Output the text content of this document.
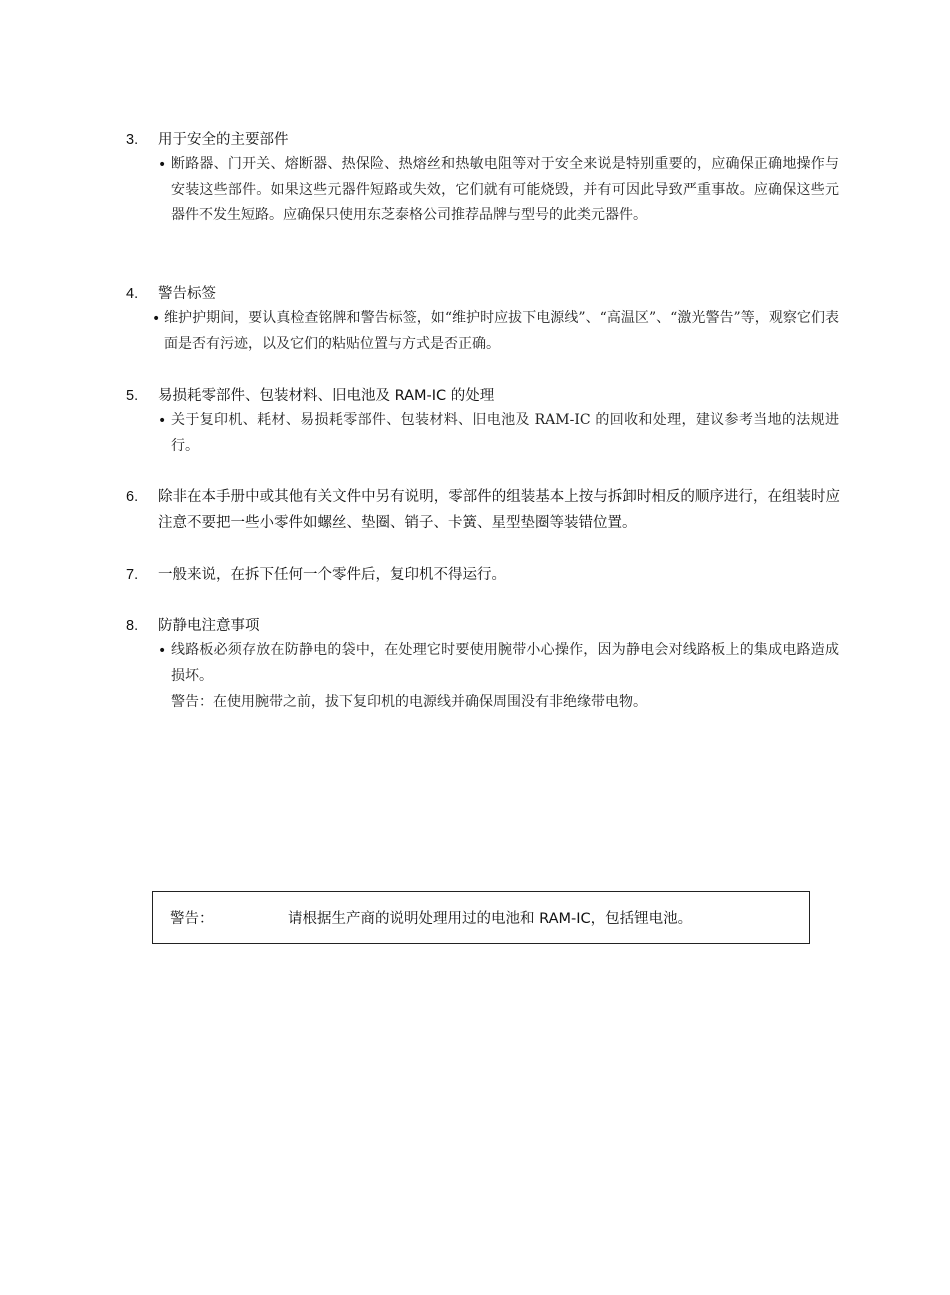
3. 用于安全的主要部件
• 断路器、门开关、熔断器、热保险、热熔丝和热敏电阻等对于安全来说是特别重要的，应确保正确地操作与安装这些部件。如果这些元器件短路或失效，它们就有可能烧毁，并有可因此导致严重事故。应确保这些元器件不发生短路。应确保只使用东芝泰格公司推荐品牌与型号的此类元器件。
4. 警告标签
• 维护护期间，要认真检查铭牌和警告标签，如“维护时应拔下电源线”、“高温区”、“激光警告”等，观察它们表面是否有污迹，以及它们的粘贴位置与方式是否正确。
5. 易损耗零部件、包装材料、旧电池及 RAM-IC 的处理
• 关于复印机、耗材、易损耗零部件、包装材料、旧电池及 RAM-IC 的回收和处理，建议参考当地的法规进行。
6. 除非在本手册中或其他有关文件中另有说明，零部件的组装基本上按与拆卸时相反的顺序进行，在组装时应注意不要把一些小零件如螺丝、垫圈、销子、卡簧、星型垫圈等装错位置。
7. 一般来说，在拆下任何一个零件后，复印机不得运行。
8. 防静电注意事项
• 线路板必须存放在防静电的袋中，在处理它时要使用腕带小心操作，因为静电会对线路板上的集成电路造成损坏。
警告：在使用腕带之前，拔下复印机的电源线并确保周围没有非绝缘带电物。
警告：	请根据生产商的说明处理用过的电池和 RAM-IC，包括锂电池。
